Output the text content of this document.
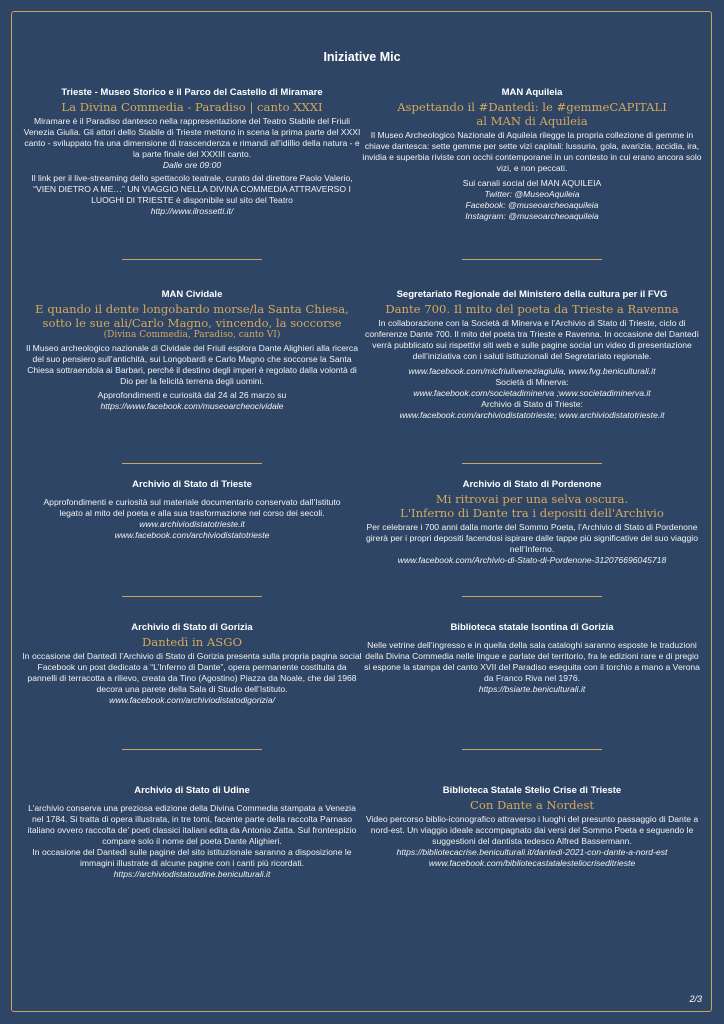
Iniziative Mic
Trieste - Museo Storico e il Parco del Castello di Miramare
La Divina Commedia - Paradiso | canto XXXI
Miramare è il Paradiso dantesco nella rappresentazione del Teatro Stabile del Friuli Venezia Giulia. Gli attori dello Stabile di Trieste mettono in scena la prima parte del XXXI canto - sviluppato fra una dimensione di trascendenza e rimandi all’idillio della natura - e la parte finale del XXXIII canto.
Dalle ore 09:00
Il link per il live-streaming dello spettacolo teatrale, curato dal direttore Paolo Valerio, “VIEN DIETRO A ME…” UN VIAGGIO NELLA DIVINA COMMEDIA ATTRAVERSO I LUOGHI DI TRIESTE è disponibile sul sito del Teatro
http://www.ilrossetti.it/
MAN Aquileia
Aspettando il #Dantedì: le #gemmeCAPITALI
al MAN di Aquileia
Il Museo Archeologico Nazionale di Aquileia rilegge la propria collezione di gemme in chiave dantesca: sette gemme per sette vizi capitali: lussuria, gola, avarizia, accidia, ira, invidia e superbia riviste con occhi contemporanei in un contesto in cui erano ancora solo vizi, e non peccati.
Sui canali social del MAN AQUILEIA
Twitter: @MuseoAquileia
Facebook: @museoarcheoaquileia
Instagram: @museoarcheoaquileia
MAN Cividale
E quando il dente longobardo morse/la Santa Chiesa,
sotto le sue ali/Carlo Magno, vincendo, la soccorse
(Divina Commedia, Paradiso, canto VI)
Il Museo archeologico nazionale di Cividale del Friuli esplora Dante Alighieri alla ricerca del suo pensiero sull’antichità, sui Longobardi e Carlo Magno che soccorse la Santa Chiesa sottraendola ai Barbari, perché il destino degli imperi è regolato dalla volontà di Dio per la felicità terrena degli uomini.
Approfondimenti e curiosità dal 24 al 26 marzo su
https://www.facebook.com/museoarcheocividale
Segretariato Regionale del Ministero della cultura per il FVG
Dante 700. Il mito del poeta da Trieste a Ravenna
In collaborazione con la Società di Minerva e l’Archivio di Stato di Trieste, ciclo di conferenze Dante 700. Il mito del poeta tra Trieste e Ravenna. In occasione del Dantedì verrà pubblicato sui rispettivi siti web e sulle pagine social un video di presentazione dell’iniziativa con i saluti istituzionali del Segretariato regionale.
www.facebook.com/micfriuliveneziagiulia, www.fvg.beniculturali.it
Società di Minerva:
www.facebook.com/societadiminerva ;www.societadiminerva.it
Archivio di Stato di Trieste:
www.facebook.com/archiviodistatotrieste; www.archiviodistatotrieste.it
Archivio di Stato di Trieste
Approfondimenti e curiosità sul materiale documentario conservato dall’Istituto legato al mito del poeta e alla sua trasformazione nel corso dei secoli.
www.archiviodistatotrieste.it
www.facebook.com/archiviodistatotrieste
Archivio di Stato di Pordenone
Mi ritrovai per una selva oscura.
L'Inferno di Dante tra i depositi dell'Archivio
Per celebrare i 700 anni dalla morte del Sommo Poeta, l’Archivio di Stato di Pordenone girerà per i propri depositi facendosi ispirare dalle tappe più significative del suo viaggio nell’Inferno.
www.facebook.com/Archivio-di-Stato-di-Pordenone-312076696045718
Archivio di Stato di Gorizia
Dantedì in ASGO
In occasione del Dantedì l’Archivio di Stato di Gorizia presenta sulla propria pagina social Facebook un post dedicato a “L’Inferno di Dante”, opera permanente costituita da pannelli di terracotta a rilievo, creata da Tino (Agostino) Piazza da Noale, che dal 1968 decora una parete della Sala di Studio dell’Istituto.
www.facebook.com/archiviodistatodigorizia/
Biblioteca statale Isontina di Gorizia
Nelle vetrine dell’ingresso e in quella della sala cataloghi saranno esposte le traduzioni della Divina Commedia nelle lingue e parlate del territorio, fra le edizioni rare e di pregio si espone la stampa del canto XVII del Paradiso eseguita con il torchio a mano a Verona da Franco Riva nel 1976.
https://bsiarte.beniculturali.it
Archivio di Stato di Udine
L’archivio conserva una preziosa edizione della Divina Commedia stampata a Venezia nel 1784. Si tratta di opera illustrata, in tre tomi, facente parte della raccolta Parnaso italiano ovvero raccolta de’ poeti classici italiani edita da Antonio Zatta. Sul frontespizio compare solo il nome del poeta Dante Alighieri.
In occasione del Dantedì sulle pagine del sito istituzionale saranno a disposizione le immagini illustrate di alcune pagine con i canti più ricordati.
https://archiviodistatoudine.beniculturali.it
Biblioteca Statale Stelio Crise di Trieste
Con Dante a Nordest
Video percorso biblio-iconografico attraverso i luoghi del presunto passaggio di Dante a nord-est. Un viaggio ideale accompagnato dai versi del Sommo Poeta e seguendo le suggestioni del dantista tedesco Alfred Bassermann.
https://bibliotecacrise.beniculturali.it/dantedi-2021-con-dante-a-nord-est
www.facebook.com/bibliotecastatalesteliocriseditrieste
2/3
